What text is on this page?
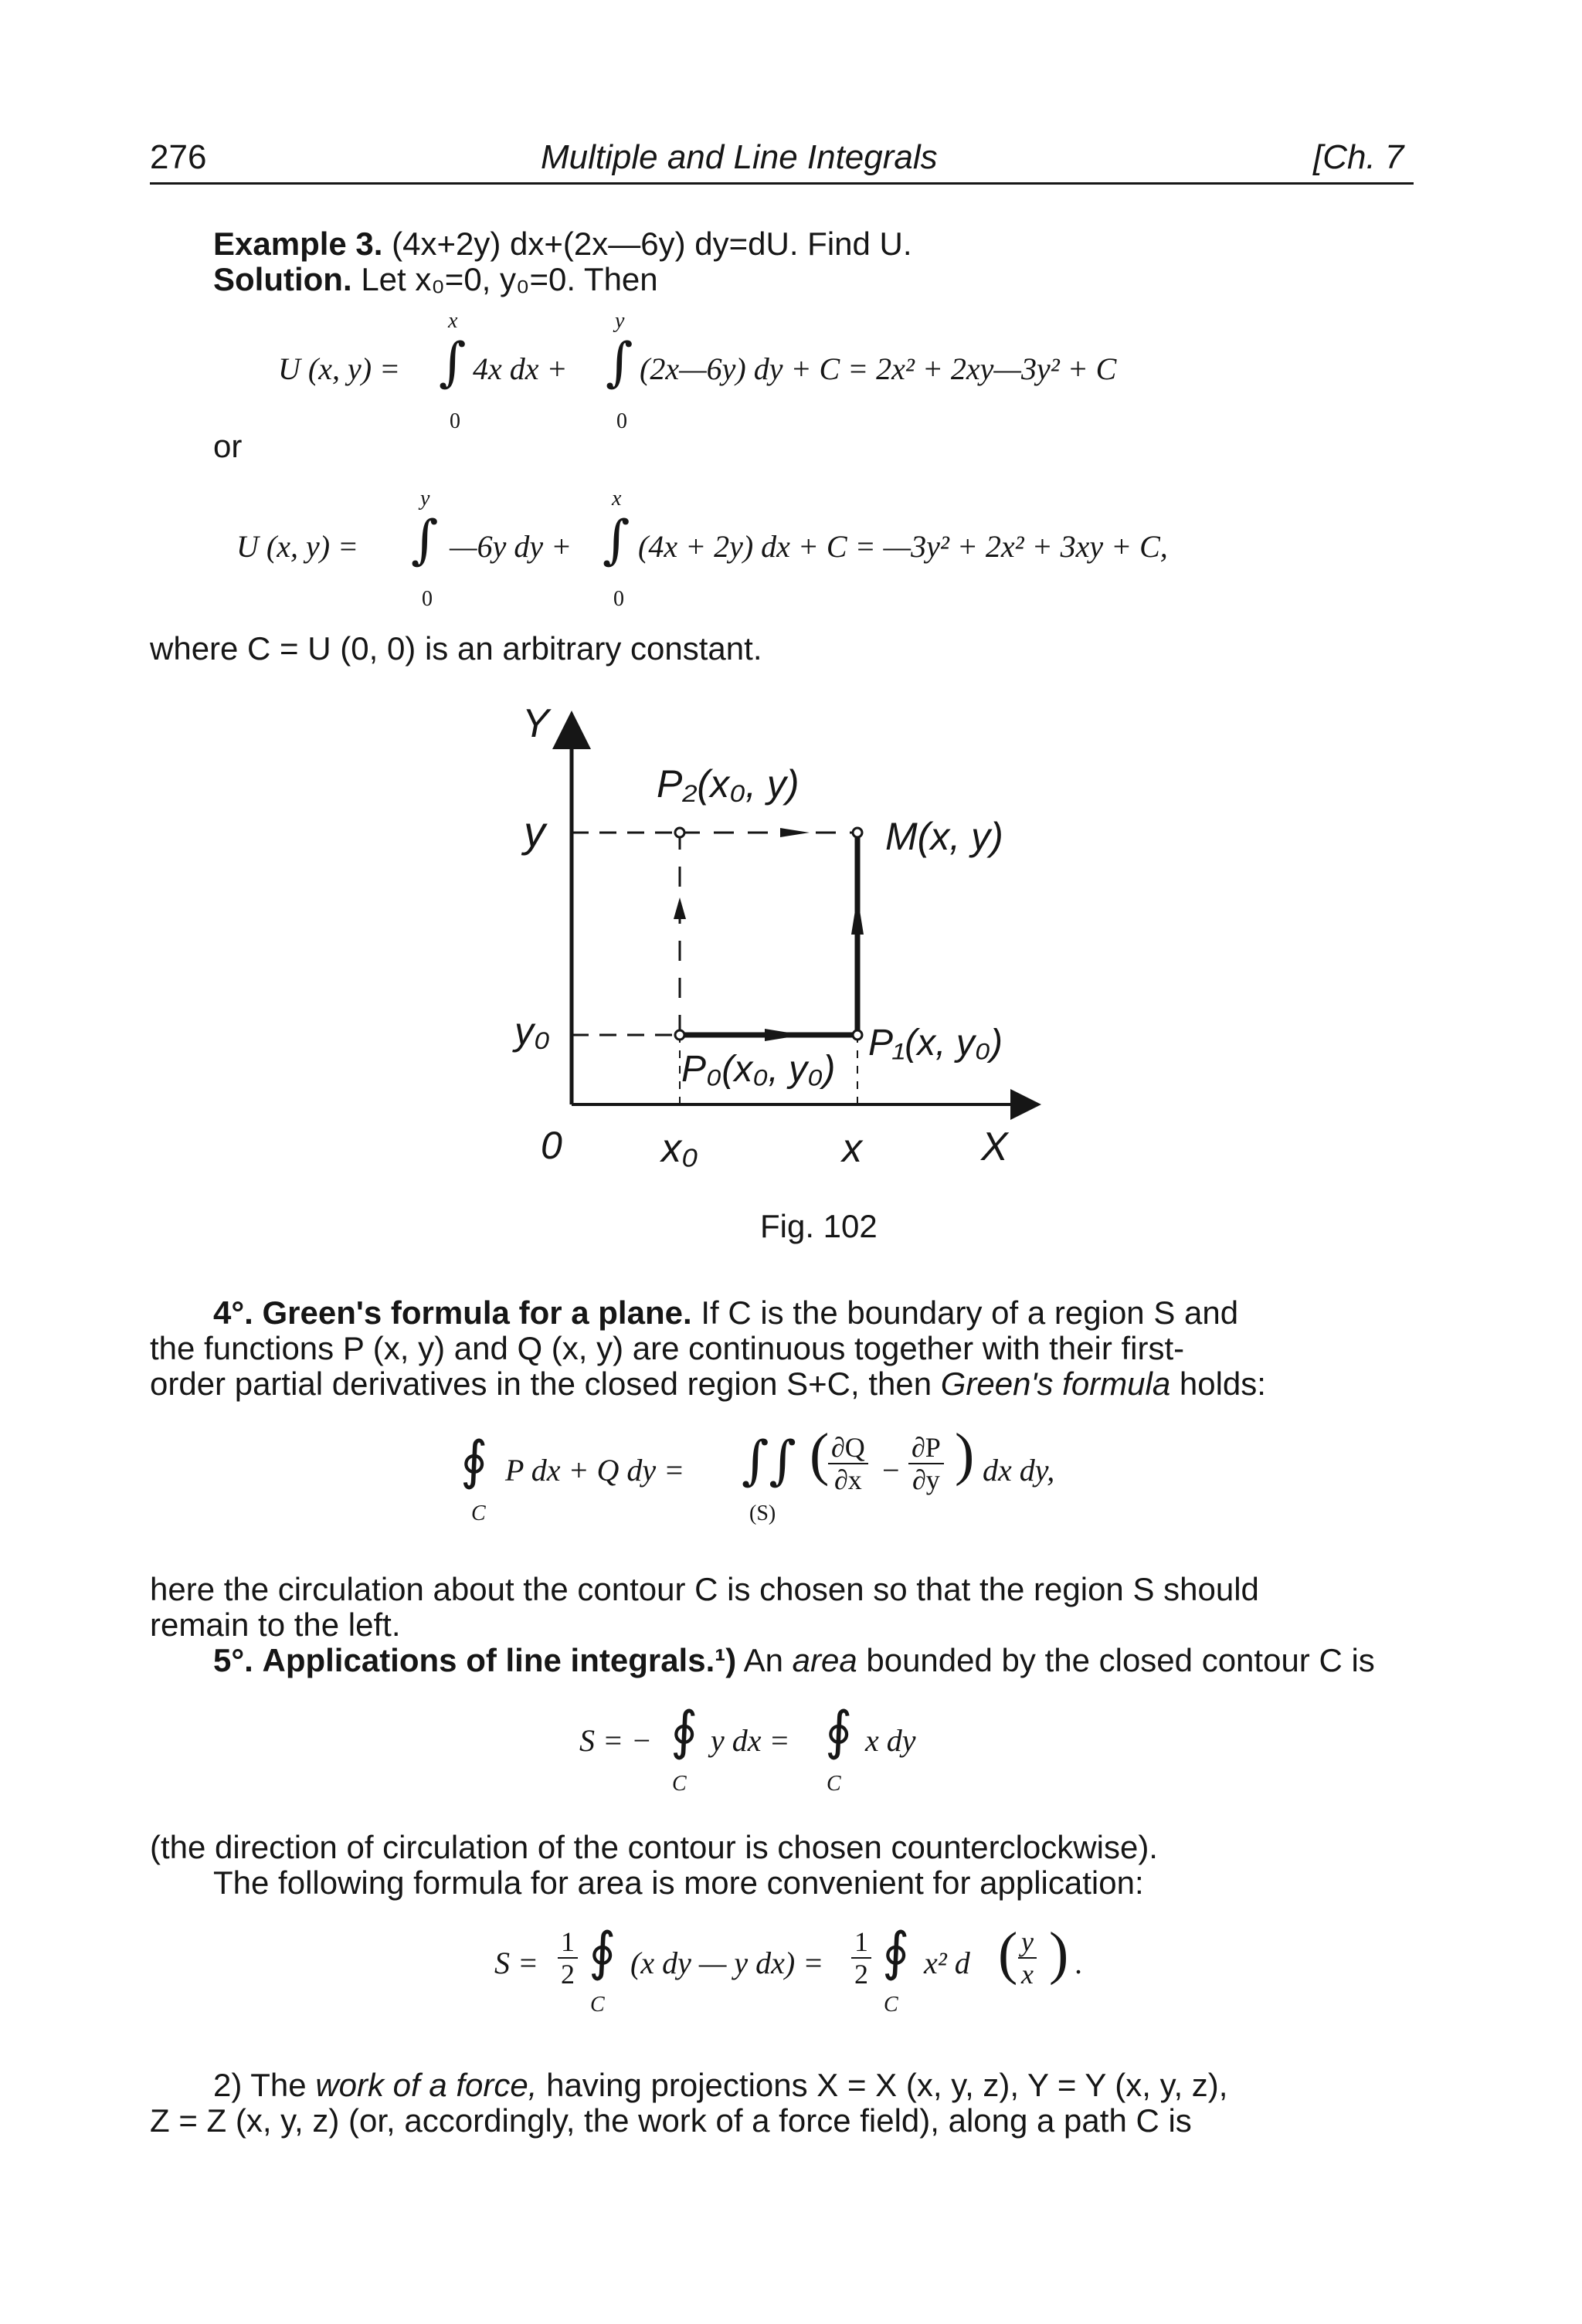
276	Multiple and Line Integrals	[Ch. 7
Example 3. (4x+2y) dx+(2x—6y) dy=dU. Find U.
Solution. Let x₀=0, y₀=0. Then
U (x, y) =
x
∫
0
4x dx +
y
∫
0
(2x—6y) dy + C = 2x² + 2xy—3y² + C
or
U (x, y) =
y
∫
0
—6y dy +
x
∫
0
(4x + 2y) dx + C = —3y² + 2x² + 3xy + C,
where C = U (0, 0) is an arbitrary constant.
Y
X
0
y
y₀
x₀	x
P₂(x₀, y)
M(x, y)
P₀(x₀, y₀)
P₁(x, y₀)
Fig. 102
4°. Green's formula for a plane. If C is the boundary of a region S and
the functions P (x, y) and Q (x, y) are continuous together with their first-
order partial derivatives in the closed region S+C, then Green's formula holds:
∮
C
P dx + Q dy = ∫∫
(S)
(
$\frac{\partial Q}{\partial x} - \frac{\partial P}{\partial y}$ ) dx dy,
here the circulation about the contour C is chosen so that the region S should
remain to the left.
5°. Applications of line integrals.¹) An area bounded by the closed contour C is
S = − ∮
C
y dx = ∮
C
x dy
(the direction of circulation of the contour is chosen counterclockwise).
The following formula for area is more convenient for application:
$S = \frac{1}{2}$ ∮
C
(x dy — y $dx) = \frac{1}{2}$ ∮
C
x² d ( $\frac{y}{x}$ ) .
2) The work of a force, having projections X = X (x, y, z), Y = Y (x, y, z),
Z = Z (x, y, z) (or, accordingly, the work of a force field), along a path C is
